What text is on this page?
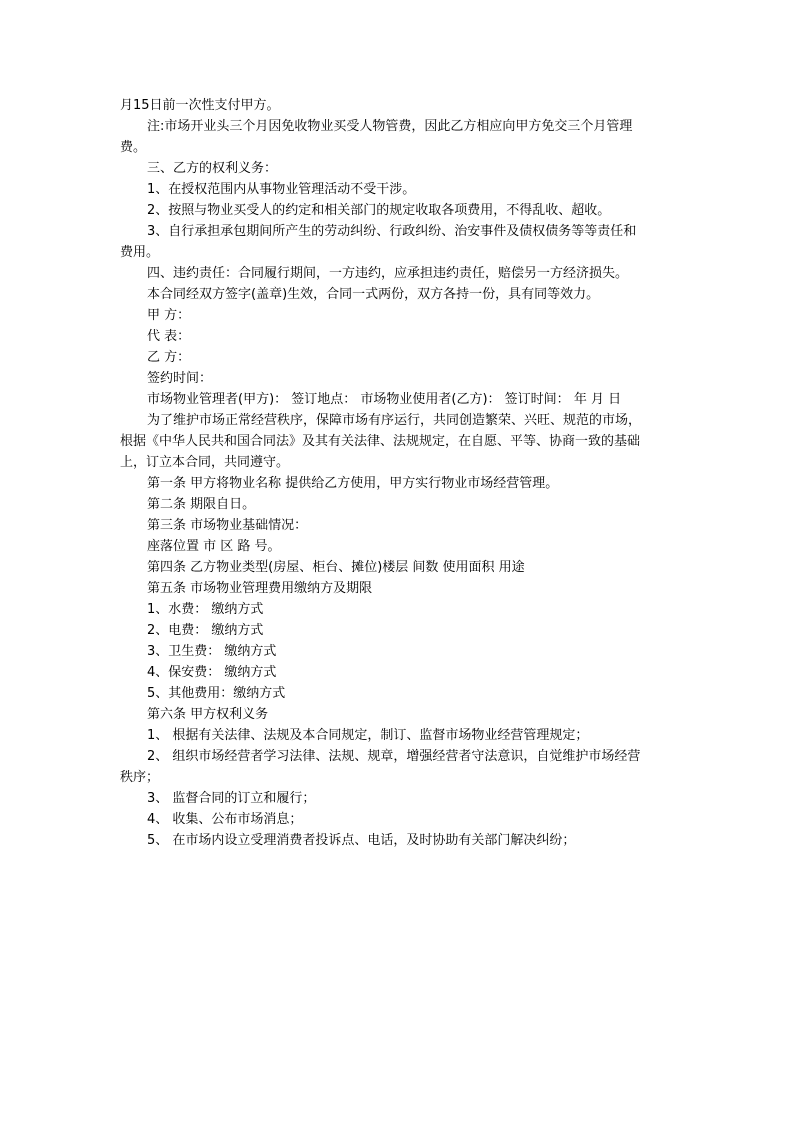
月15日前一次性支付甲方。
注:市场开业头三个月因免收物业买受人物管费，因此乙方相应向甲方免交三个月管理
费。
三、乙方的权利义务：
1、在授权范围内从事物业管理活动不受干涉。
2、按照与物业买受人的约定和相关部门的规定收取各项费用，不得乱收、超收。
3、自行承担承包期间所产生的劳动纠纷、行政纠纷、治安事件及债权债务等等责任和
费用。
四、违约责任：合同履行期间，一方违约，应承担违约责任，赔偿另一方经济损失。
本合同经双方签字(盖章)生效，合同一式两份，双方各持一份，具有同等效力。
甲 方：
代 表：
乙 方：
签约时间：
市场物业管理者(甲方)： 签订地点： 市场物业使用者(乙方)： 签订时间： 年 月 日
为了维护市场正常经营秩序，保障市场有序运行，共同创造繁荣、兴旺、规范的市场，
根据《中华人民共和国合同法》及其有关法律、法规规定，在自愿、平等、协商一致的基础
上，订立本合同，共同遵守。
第一条 甲方将物业名称 提供给乙方使用，甲方实行物业市场经营管理。
第二条 期限自日。
第三条 市场物业基础情况：
座落位置 市 区 路 号。
第四条 乙方物业类型(房屋、柜台、摊位)楼层 间数 使用面积 用途
第五条 市场物业管理费用缴纳方及期限
1、水费： 缴纳方式
2、电费： 缴纳方式
3、卫生费： 缴纳方式
4、保安费： 缴纳方式
5、其他费用：缴纳方式
第六条 甲方权利义务
1、 根据有关法律、法规及本合同规定，制订、监督市场物业经营管理规定；
2、 组织市场经营者学习法律、法规、规章，增强经营者守法意识，自觉维护市场经营
秩序；
3、 监督合同的订立和履行；
4、 收集、公布市场消息；
5、 在市场内设立受理消费者投诉点、电话，及时协助有关部门解决纠纷；
